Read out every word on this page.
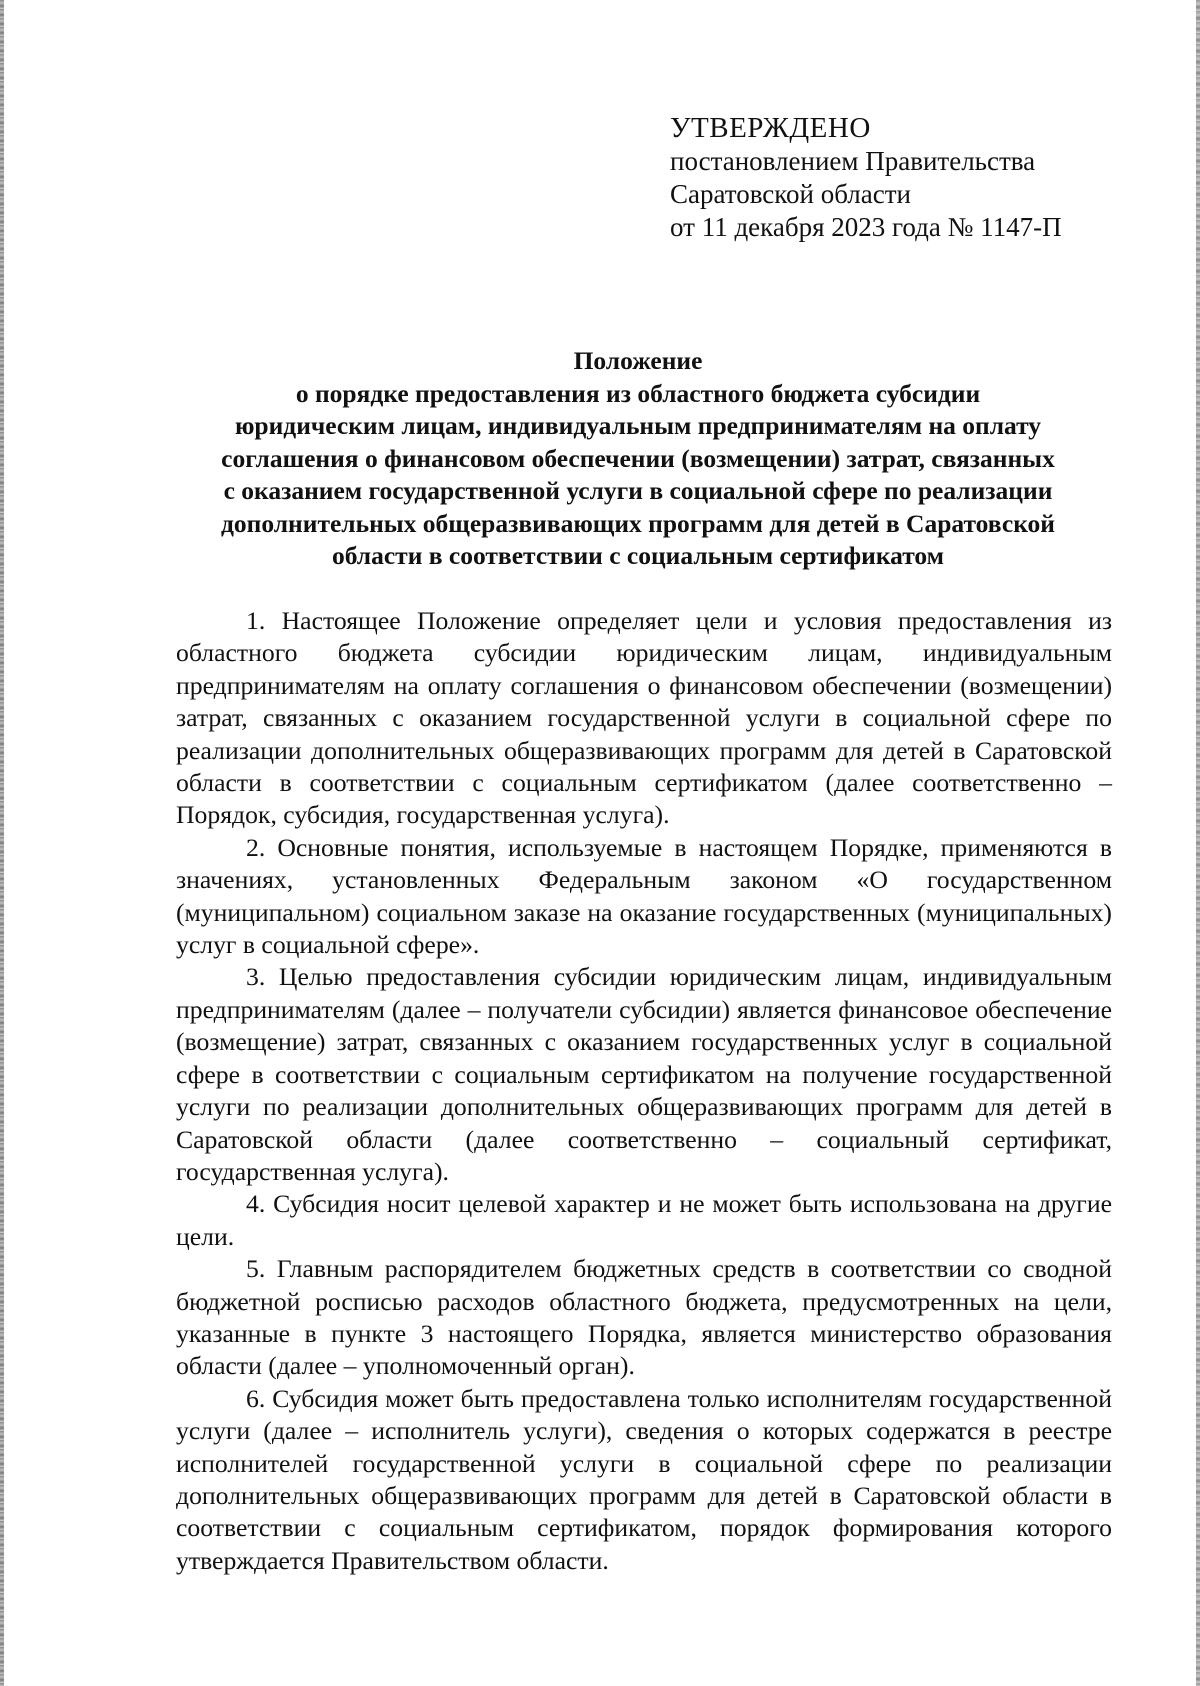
УТВЕРЖДЕНО
постановлением Правительства
Саратовской области
от 11 декабря 2023 года № 1147-П
Положение
о порядке предоставления из областного бюджета субсидии
юридическим лицам, индивидуальным предпринимателям на оплату
соглашения о финансовом обеспечении (возмещении) затрат, связанных
с оказанием государственной услуги в социальной сфере по реализации
дополнительных общеразвивающих программ для детей в Саратовской
области в соответствии с социальным сертификатом

1. Настоящее Положение определяет цели и условия предоставления из областного бюджета субсидии юридическим лицам, индивидуальным предпринимателям на оплату соглашения о финансовом обеспечении (возмещении) затрат, связанных с оказанием государственной услуги в социальной сфере по реализации дополнительных общеразвивающих программ для детей в Саратовской области в соответствии с социальным сертификатом (далее соответственно – Порядок, субсидия, государственная услуга).

2. Основные понятия, используемые в настоящем Порядке, применяются в значениях, установленных Федеральным законом «О государственном (муниципальном) социальном заказе на оказание государственных (муниципальных) услуг в социальной сфере».

3. Целью предоставления субсидии юридическим лицам, индивидуальным предпринимателям (далее – получатели субсидии) является финансовое обеспечение (возмещение) затрат, связанных с оказанием государственных услуг в социальной сфере в соответствии с социальным сертификатом на получение государственной услуги по реализации дополнительных общеразвивающих программ для детей в Саратовской области (далее соответственно – социальный сертификат, государственная услуга).

4. Субсидия носит целевой характер и не может быть использована на другие цели.

5. Главным распорядителем бюджетных средств в соответствии со сводной бюджетной росписью расходов областного бюджета, предусмотренных на цели, указанные в пункте 3 настоящего Порядка, является министерство образования области (далее – уполномоченный орган).

6. Субсидия может быть предоставлена только исполнителям государственной услуги (далее – исполнитель услуги), сведения о которых содержатся в реестре исполнителей государственной услуги в социальной сфере по реализации дополнительных общеразвивающих программ для детей в Саратовской области в соответствии с социальным сертификатом, порядок формирования которого утверждается Правительством области.
